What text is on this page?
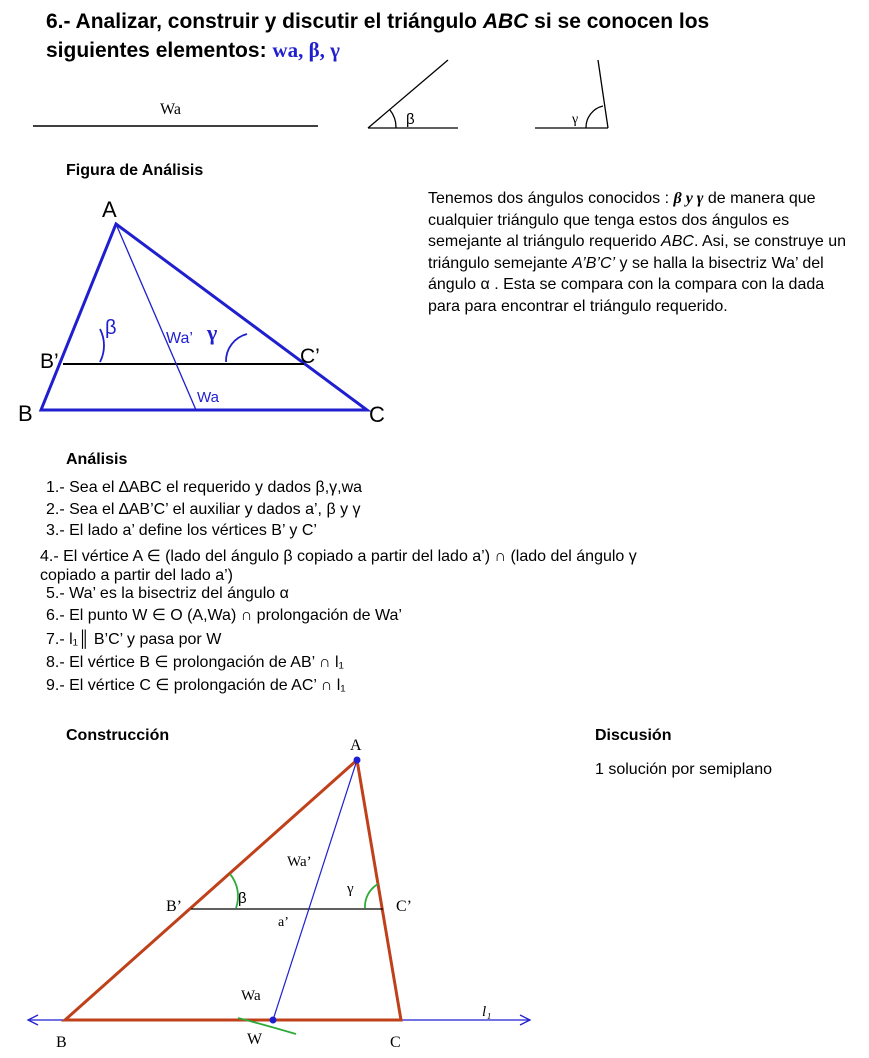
6.- Analizar, construir y discutir el triángulo ABC si se conocen los
siguientes elementos: wa, β, γ
Wa
β	γ
A
B	C
B’	C’
β	γ
Wa’
Wa
A
B	C
W
B’	C’
a’
β
γ
Wa’
Wa
l₁
Figura de Análisis
Análisis
Construcción	Discusión
1 solución por semiplano
Tenemos dos ángulos conocidos : β y γ de manera que cualquier triángulo que tenga estos dos ángulos es semejante al triángulo requerido ABC. Asi, se construye un triángulo semejante A’B’C’ y se halla la bisectriz Wa’ del ángulo α . Esta se compara con la compara con la dada para para encontrar el triángulo requerido.
1.- Sea el ∆ABC el requerido y dados β,γ,wa
2.- Sea el ∆AB’C’ el auxiliar y dados a’, β y γ
3.- El lado a’ define los vértices B’ y C’
4.- El vértice A ∈ (lado del ángulo β copiado a partir del lado a’) ∩ (lado del ángulo γ
copiado a partir del lado a’)
5.- Wa’ es la bisectriz del ángulo α
6.- El punto W ∈ O (A,Wa) ∩ prolongación de Wa’
7.- l₁║ B’C’ y pasa por W
8.- El vértice B ∈ prolongación de AB’ ∩ l₁
9.- El vértice C ∈ prolongación de AC’ ∩ l₁
